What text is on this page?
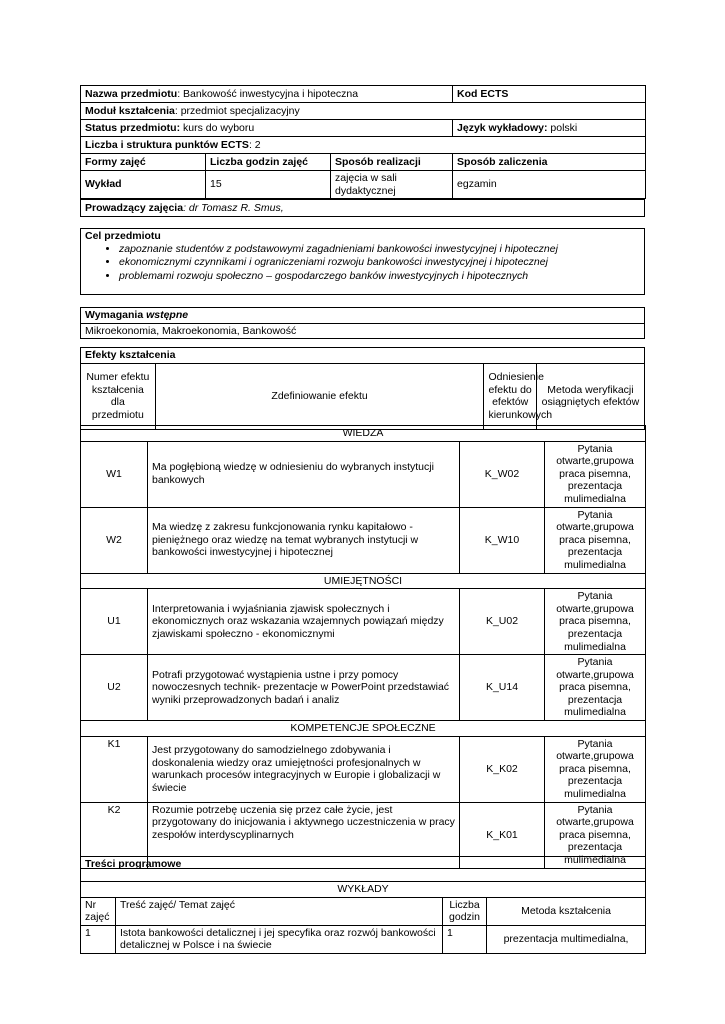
Nazwa przedmiotu: Bankowość inwestycyjna i hipoteczna			Kod ECTS
Moduł kształcenia: przedmiot specjalizacyjny			
Status przedmiotu: kurs do wyboru			Język wykładowy: polski
Liczba i struktura punktów ECTS: 2			
Formy zajęć	Liczba godzin zajęć	Sposób realizacji	Sposób zaliczenia
Wykład	15	zajęcia w sali dydaktycznej	egzamin
Prowadzący zajęcia: dr Tomasz R. Smus,
Cel przedmiotu
• zapoznanie studentów z podstawowymi zagadnieniami bankowości inwestycyjnej i hipotecznej
• ekonomicznymi czynnikami i ograniczeniami rozwoju bankowości inwestycyjnej i hipotecznej
• problemami rozwoju społeczno – gospodarczego banków inwestycyjnych i hipotecznych
Wymagania wstępne
Mikroekonomia, Makroekonomia, Bankowość
Efekty kształcenia
Numer efektu kształcenia dla przedmiotu	Zdefiniowanie efektu	Odniesienie efektu do efektów kierunkowych	Metoda weryfikacji osiągniętych efektów
WIEDZA			
W1	Ma pogłębioną wiedzę w odniesieniu do wybranych instytucji bankowych	K_W02	Pytania otwarte,grupowa praca pisemna, prezentacja mulimedialna
W2	Ma wiedzę z zakresu funkcjonowania rynku kapitałowo - pieniężnego oraz wiedzę na temat wybranych instytucji w bankowości inwestycyjnej i hipotecznej	K_W10	Pytania otwarte,grupowa praca pisemna, prezentacja mulimedialna
UMIEJĘTNOŚCI			
U1	Interpretowania i wyjaśniania zjawisk społecznych i ekonomicznych oraz wskazania wzajemnych powiązań między zjawiskami społeczno - ekonomicznymi	K_U02	Pytania otwarte,grupowa praca pisemna, prezentacja mulimedialna
U2	Potrafi przygotować wystąpienia ustne i przy pomocy nowoczesnych technik- prezentacje w PowerPoint przedstawiać wyniki przeprowadzonych badań i analiz	K_U14	Pytania otwarte,grupowa praca pisemna, prezentacja mulimedialna
KOMPETENCJE SPOŁECZNE			
K1	Jest przygotowany do samodzielnego zdobywania i doskonalenia wiedzy oraz umiejętności profesjonalnych w warunkach procesów integracyjnych w Europie i globalizacji w świecie	K_K02	Pytania otwarte,grupowa praca pisemna, prezentacja mulimedialna
K2	Rozumie potrzebę uczenia się przez całe życie, jest przygotowany do inicjowania i aktywnego uczestniczenia w pracy zespołów interdyscyplinarnych	K_K01	Pytania otwarte,grupowa praca pisemna, prezentacja mulimedialna
Treści programowe			
WYKŁADY			
Nr zajęć	Treść zajęć/ Temat zajęć	Liczba godzin	Metoda kształcenia
1	Istota bankowości detalicznej i jej specyfika oraz rozwój bankowości detalicznej w Polsce i na świecie	1	prezentacja multimedialna,
